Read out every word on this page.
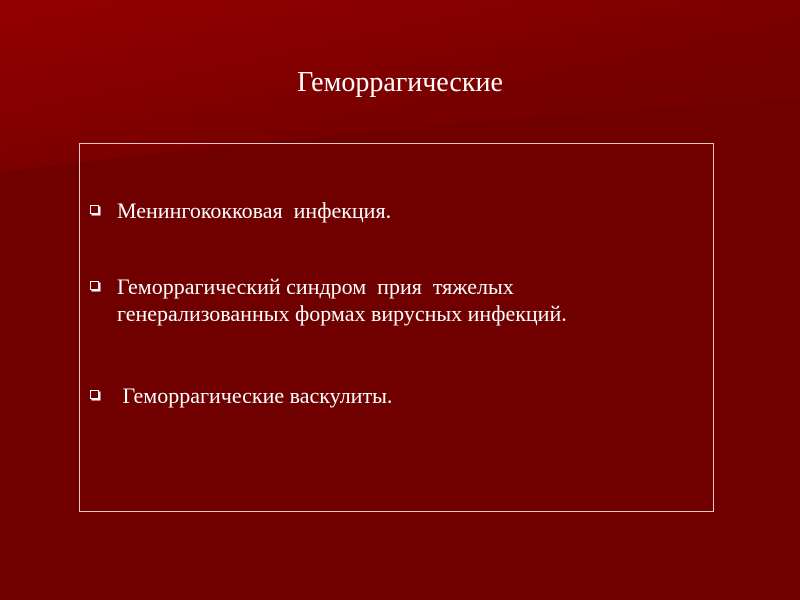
Геморрагические
Менингококковая  инфекция.
Геморрагический синдром  прия  тяжелых генерализованных формах вирусных инфекций.
Геморрагические васкулиты.
